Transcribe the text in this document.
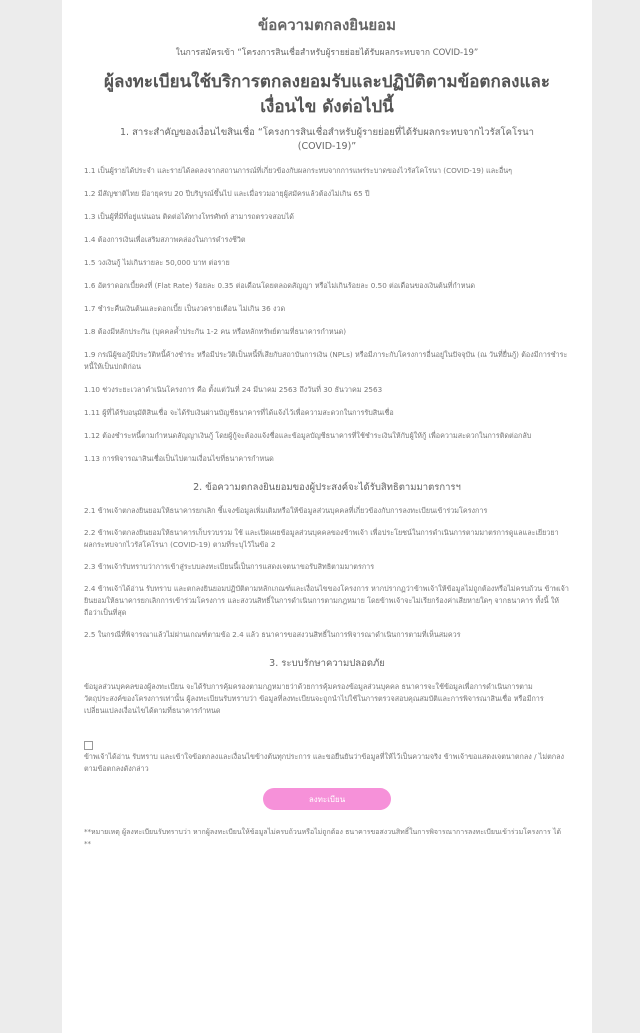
ข้อความตกลงยินยอม
ในการสมัครเข้า “โครงการสินเชื่อสำหรับผู้รายย่อยได้รับผลกระทบจาก COVID-19”
ผู้ลงทะเบียนใช้บริการตกลงยอมรับและปฏิบัติตามข้อตกลงและเงื่อนไข ดังต่อไปนี้
1. สาระสำคัญของเงื่อนไขสินเชื่อ “โครงการสินเชื่อสำหรับผู้รายย่อยที่ได้รับผลกระทบจากไวรัสโคโรนา (COVID-19)”
1.1 เป็นผู้รายได้ประจำ และรายได้ลดลงจากสถานการณ์ที่เกี่ยวข้องกับผลกระทบจากการแพร่ระบาดของไวรัสโคโรนา (COVID-19) และอื่นๆ
1.2 มีสัญชาติไทย มีอายุครบ 20 ปีบริบูรณ์ขึ้นไป และเมื่อรวมอายุผู้สมัครแล้วต้องไม่เกิน 65 ปี
1.3 เป็นผู้ที่มีที่อยู่แน่นอน ติดต่อได้ทางโทรศัพท์ สามารถตรวจสอบได้
1.4 ต้องการเงินเพื่อเสริมสภาพคล่องในการดำรงชีวิต
1.5 วงเงินกู้ ไม่เกินรายละ 50,000 บาท ต่อราย
1.6 อัตราดอกเบี้ยคงที่ (Flat Rate) ร้อยละ 0.35 ต่อเดือนโดยตลอดสัญญา หรือไม่เกินร้อยละ 0.50 ต่อเดือนของเงินต้นที่กำหนด
1.7 ชำระคืนเงินต้นและดอกเบี้ย เป็นงวดรายเดือน ไม่เกิน 36 งวด
1.8 ต้องมีหลักประกัน (บุคคลค้ำประกัน 1-2 คน หรือหลักทรัพย์ตามที่ธนาคารกำหนด)
1.9 กรณีผู้ขอกู้มีประวัติหนี้ค้างชำระ หรือมีประวัติเป็นหนี้ที่เสียกับสถาบันการเงิน (NPLs) หรือมีภาระกับโครงการอื่นอยู่ในปัจจุบัน (ณ วันที่ยื่นกู้) ต้องมีการชำระหนี้ให้เป็นปกติก่อน
1.10 ช่วงระยะเวลาดำเนินโครงการ คือ ตั้งแต่วันที่ 24 มีนาคม 2563 ถึงวันที่ 30 ธันวาคม 2563
1.11 ผู้ที่ได้รับอนุมัติสินเชื่อ จะได้รับเงินผ่านบัญชีธนาคารที่ได้แจ้งไว้เพื่อความสะดวกในการรับสินเชื่อ
1.12 ต้องชำระหนี้ตามกำหนดสัญญาเงินกู้ โดยผู้กู้จะต้องแจ้งชื่อและข้อมูลบัญชีธนาคารที่ใช้ชำระเงินให้กับผู้ให้กู้ เพื่อความสะดวกในการติดต่อกลับ
1.13 การพิจารณาสินเชื่อเป็นไปตามเงื่อนไขที่ธนาคารกำหนด
2. ข้อความตกลงยินยอมของผู้ประสงค์จะได้รับสิทธิตามมาตรการฯ
2.1 ข้าพเจ้าตกลงยินยอมให้ธนาคารยกเลิก ชี้แจงข้อมูลเพิ่มเติมหรือให้ข้อมูลส่วนบุคคลที่เกี่ยวข้องกับการลงทะเบียนเข้าร่วมโครงการ
2.2 ข้าพเจ้าตกลงยินยอมให้ธนาคารเก็บรวบรวม ใช้ และเปิดเผยข้อมูลส่วนบุคคลของข้าพเจ้า เพื่อประโยชน์ในการดำเนินการตามมาตรการดูแลและเยียวยาผลกระทบจากไวรัสโคโรนา (COVID-19) ตามที่ระบุไว้ในข้อ 2
2.3 ข้าพเจ้ารับทราบว่าการเข้าสู่ระบบลงทะเบียนนี้เป็นการแสดงเจตนาขอรับสิทธิตามมาตรการ
2.4 ข้าพเจ้าได้อ่าน รับทราบ และตกลงยินยอมปฏิบัติตามหลักเกณฑ์และเงื่อนไขของโครงการ หากปรากฏว่าข้าพเจ้าให้ข้อมูลไม่ถูกต้องหรือไม่ครบถ้วน ข้าพเจ้ายินยอมให้ธนาคารยกเลิกการเข้าร่วมโครงการ และสงวนสิทธิ์ในการดำเนินการตามกฎหมาย โดยข้าพเจ้าจะไม่เรียกร้องค่าเสียหายใดๆ จากธนาคาร ทั้งนี้ ให้ถือว่าเป็นที่สุด
2.5 ในกรณีที่พิจารณาแล้วไม่ผ่านเกณฑ์ตามข้อ 2.4 แล้ว ธนาคารขอสงวนสิทธิ์ในการพิจารณาดำเนินการตามที่เห็นสมควร
3. ระบบรักษาความปลอดภัย
ข้อมูลส่วนบุคคลของผู้ลงทะเบียน จะได้รับการคุ้มครองตามกฎหมายว่าด้วยการคุ้มครองข้อมูลส่วนบุคคล ธนาคารจะใช้ข้อมูลเพื่อการดำเนินการตามวัตถุประสงค์ของโครงการเท่านั้น ผู้ลงทะเบียนรับทราบว่า ข้อมูลที่ลงทะเบียนจะถูกนำไปใช้ในการตรวจสอบคุณสมบัติและการพิจารณาสินเชื่อ หรือมีการเปลี่ยนแปลงเงื่อนไขได้ตามที่ธนาคารกำหนด
ข้าพเจ้าได้อ่าน รับทราบ และเข้าใจข้อตกลงและเงื่อนไขข้างต้นทุกประการ และขอยืนยันว่าข้อมูลที่ให้ไว้เป็นความจริง ข้าพเจ้าขอแสดงเจตนาตกลง / ไม่ตกลงตามข้อตกลงดังกล่าว
ลงทะเบียน
**หมายเหตุ ผู้ลงทะเบียนรับทราบว่า หากผู้ลงทะเบียนให้ข้อมูลไม่ครบถ้วนหรือไม่ถูกต้อง ธนาคารขอสงวนสิทธิ์ในการพิจารณาการลงทะเบียนเข้าร่วมโครงการ ได้ **
